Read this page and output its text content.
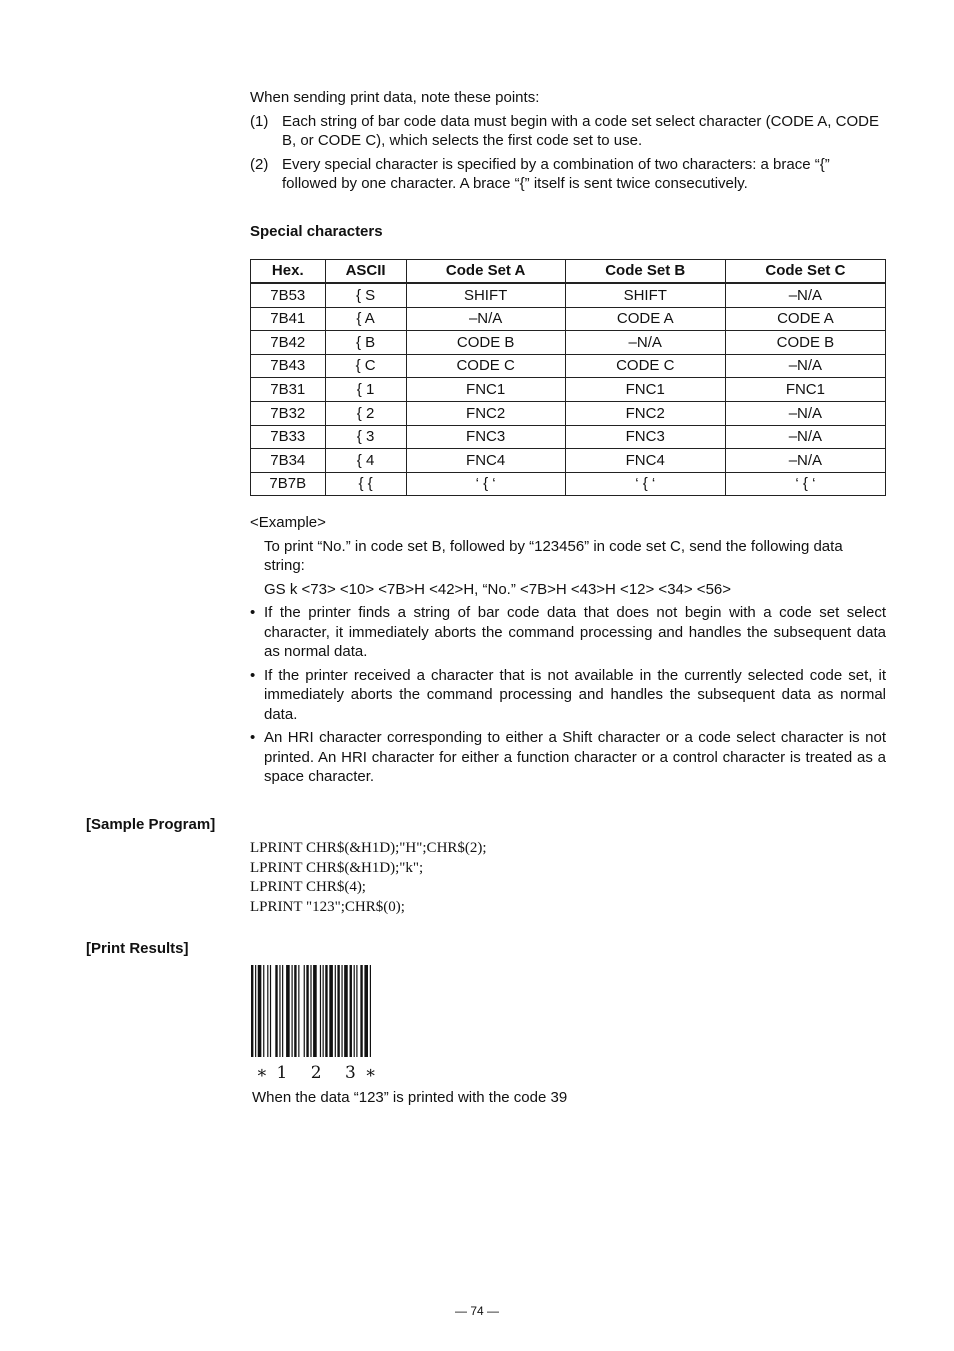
When sending print data, note these points:

(1) Each string of bar code data must begin with a code set select character (CODE A, CODE B, or CODE C), which selects the first code set to use.
(2) Every special character is specified by a combination of two characters: a brace “{” followed by one character. A brace “{” itself is sent twice consecutively.
Special characters
Hex.	ASCII	Code Set A	Code Set B	Code Set C
7B53	{ S	SHIFT	SHIFT	–N/A
7B41	{ A	–N/A	CODE A	CODE A
7B42	{ B	CODE B	–N/A	CODE B
7B43	{ C	CODE C	CODE C	–N/A
7B31	{ 1	FNC1	FNC1	FNC1
7B32	{ 2	FNC2	FNC2	–N/A
7B33	{ 3	FNC3	FNC3	–N/A
7B34	{ 4	FNC4	FNC4	–N/A
7B7B	{ {	‘ { ‘	‘ { ‘	‘ { ‘

<Example>

To print “No.” in code set B, followed by “123456” in code set C, send the following data string:

GS k <73> <10> <7B>H <42>H, “No.” <7B>H <43>H <12> <34> <56>

• If the printer finds a string of bar code data that does not begin with a code set select character, it immediately aborts the command processing and handles the subsequent data as normal data.
• If the printer received a character that is not available in the currently selected code set, it immediately aborts the command processing and handles the subsequent data as normal data.
• An HRI character corresponding to either a Shift character or a code select character is not printed. An HRI character for either a function character or a control character is treated as a space character.
[Sample Program]
LPRINT CHR$(&H1D);"H";CHR$(2);
LPRINT CHR$(&H1D);"k";
LPRINT CHR$(4);
LPRINT "123";CHR$(0);
[Print Results]
∗1 2 3∗
When the data “123” is printed with the code 39
— 74 —
